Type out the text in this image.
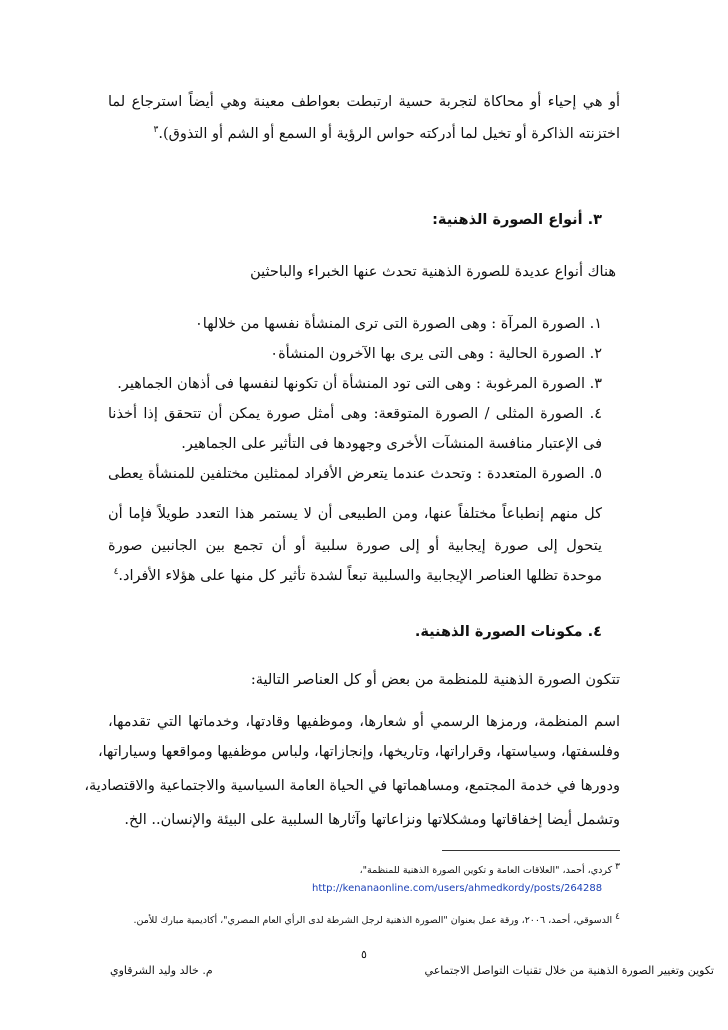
أو هي إحياء أو محاكاة لتجربة حسية ارتبطت بعواطف معينة وهي أيضاً استرجاع لما
اختزنته الذاكرة أو تخيل لما أدركته حواس الرؤية أو السمع أو الشم أو التذوق).$^٣$
٣. أنواع الصورة الذهنية:
هناك أنواع عديدة للصورة الذهنية تحدث عنها الخبراء والباحثين
١. الصورة المرآة : وهى الصورة التى ترى المنشأة نفسها من خلالها٠
٢. الصورة الحالية : وهى التى يرى بها الآخرون المنشأة٠
٣. الصورة المرغوبة : وهى التى تود المنشأة أن تكونها لنفسها فى أذهان الجماهير.
٤. الصورة المثلى / الصورة المتوقعة: وهى أمثل صورة يمكن أن تتحقق إذا أخذنا
فى الإعتبار منافسة المنشآت الأخرى وجهودها فى التأثير على الجماهير.
٥. الصورة المتعددة : وتحدث عندما يتعرض الأفراد لممثلين مختلفين للمنشأة يعطى
كل منهم إنطباعاً مختلفاً عنها، ومن الطبيعى أن لا يستمر هذا التعدد طويلاً فإما أن
يتحول إلى صورة إيجابية أو إلى صورة سلبية أو أن تجمع بين الجانبين صورة
موحدة تظلها العناصر الإيجابية والسلبية تبعاً لشدة تأثير كل منها على هؤلاء الأفراد.$^٤$
٤. مكونات الصورة الذهنية.
تتكون الصورة الذهنية للمنظمة من بعض أو كل العناصر التالية:
اسم المنظمة، ورمزها الرسمي أو شعارها، وموظفيها وقادتها، وخدماتها التي تقدمها،
وفلسفتها، وسياستها، وقراراتها، وتاريخها، وإنجازاتها، ولباس موظفيها ومواقعها وسياراتها،
ودورها في خدمة المجتمع، ومساهماتها في الحياة العامة السياسية والاجتماعية والاقتصادية،
وتشمل أيضا إخفاقاتها ومشكلاتها ونزاعاتها وآثارها السلبية على البيئة والإنسان.. الخ.
$^٣$ كردي، أحمد، "العلاقات العامة و تكوين الصورة الذهنية للمنظمة"،
http://kenanaonline.com/users/ahmedkordy/posts/264288
$^٤$ الدسوقي، أحمد، ٢٠٠٦، ورقة عمل بعنوان "الصورة الذهنية لرجل الشرطة لدى الرأي العام المصري"، أكاديمية مبارك للأمن.
٥
تكوين وتغيير الصورة الذهنية من خلال تقنيات التواصل الاجتماعي
م. خالد وليد الشرقاوي
